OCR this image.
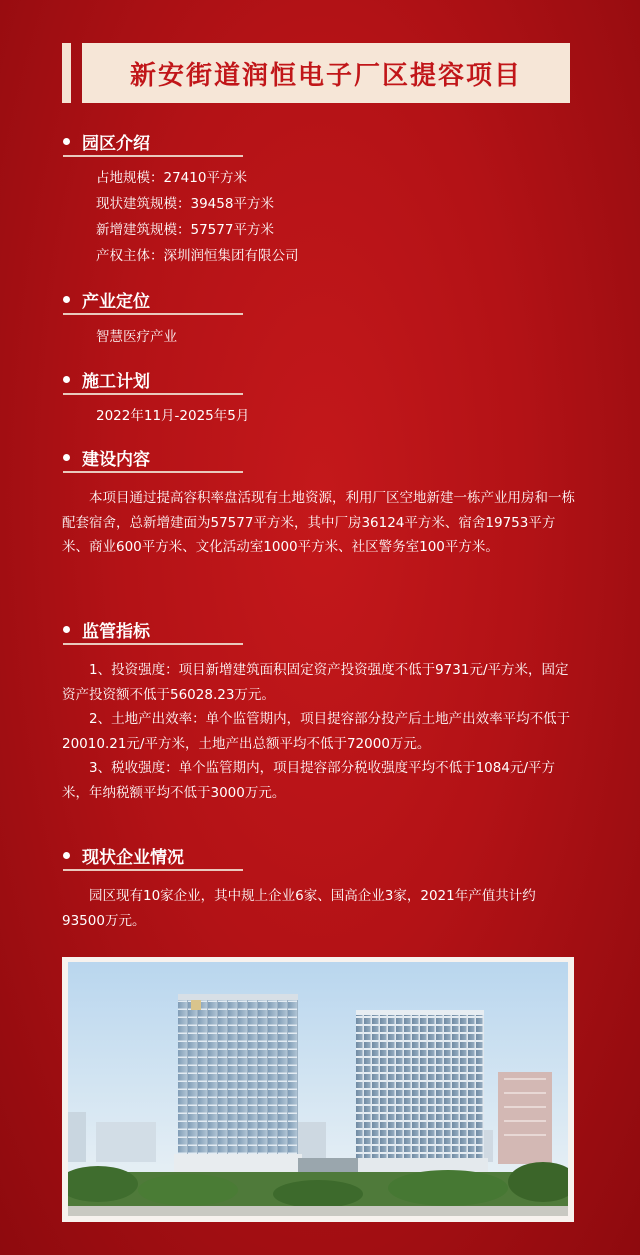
新安街道润恒电子厂区提容项目
园区介绍
占地规模：27410平方米
现状建筑规模：39458平方米
新增建筑规模：57577平方米
产权主体：深圳润恒集团有限公司
产业定位
智慧医疗产业
施工计划
2022年11月-2025年5月
建设内容

本项目通过提高容积率盘活现有土地资源，利用厂区空地新建一栋产业用房和一栋配套宿舍，总新增建面为57577平方米，其中厂房36124平方米、宿舍19753平方米、商业600平方米、文化活动室1000平方米、社区警务室100平方米。

监管指标

1、投资强度：项目新增建筑面积固定资产投资强度不低于9731元/平方米，固定资产投资额不低于56028.23万元。

2、土地产出效率：单个监管期内，项目提容部分投产后土地产出效率平均不低于20010.21元/平方米，土地产出总额平均不低于72000万元。

3、税收强度：单个监管期内，项目提容部分税收强度平均不低于1084元/平方米，年纳税额平均不低于3000万元。

现状企业情况

园区现有10家企业，其中规上企业6家、国高企业3家，2021年产值共计约93500万元。
